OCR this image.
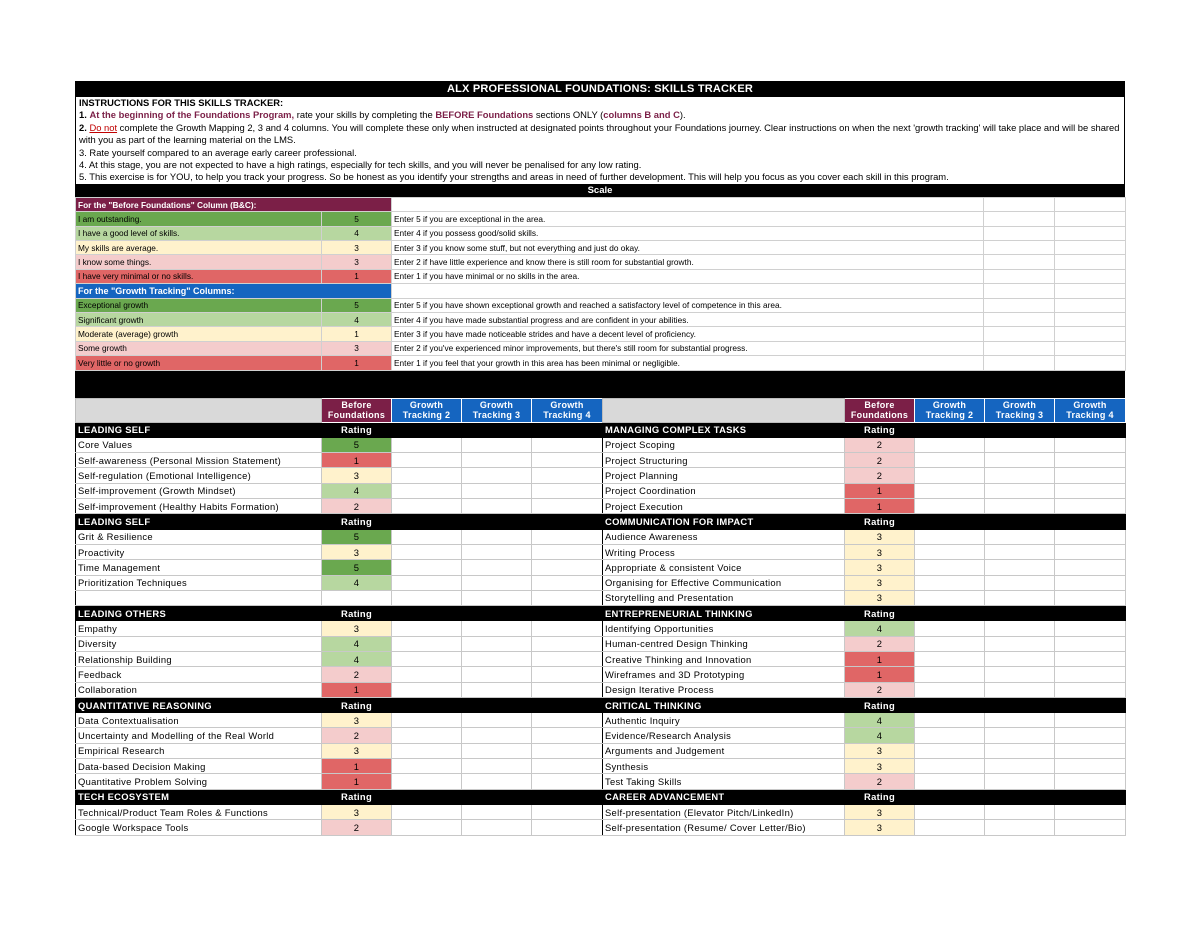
ALX PROFESSIONAL FOUNDATIONS: SKILLS TRACKER
INSTRUCTIONS FOR THIS SKILLS TRACKER:
1. At the beginning of the Foundations Program, rate your skills by completing the BEFORE Foundations sections ONLY (columns B and C).
2. Do not complete the Growth Mapping 2, 3 and 4 columns. You will complete these only when instructed at designated points throughout your Foundations journey. Clear instructions on when the next 'growth tracking' will take place and will be shared with you as part of the learning material on the LMS.
3. Rate yourself compared to an average early career professional.
4. At this stage, you are not expected to have a high ratings, especially for tech skills, and you will never be penalised for any low rating.
5. This exercise is for YOU, to help you track your progress. So be honest as you identify your strengths and areas in need of further development. This will help you focus as you cover each skill in this program.
Scale
For the "Before Foundations" Column (B&C):				
I am outstanding.	5	Enter 5 if you are exceptional in the area.		
I have a good level of skills.	4	Enter 4 if you possess good/solid skills.		
My skills are average.	3	Enter 3 if you know some stuff, but not everything and just do okay.		
I know some things.	3	Enter 2 if have little experience and know there is still room for substantial growth.		
I have very minimal or no skills.	1	Enter 1 if you have minimal or no skills in the area.		
For the "Growth Tracking" Columns:				
Exceptional growth	5	Enter 5 if you have shown exceptional growth and reached a satisfactory level of competence in this area.		
Significant growth	4	Enter 4 if you have made substantial progress and are confident in your abilities.		
Moderate (average) growth	1	Enter 3 if you have made noticeable strides and have a decent level of proficiency.		
Some growth	3	Enter 2 if you've experienced minor improvements, but there's still room for substantial progress.		
Very little or no growth	1	Enter 1 if you feel that your growth in this area has been minimal or negligible.		
	Before Foundations	Growth Tracking 2	Growth Tracking 3	Growth Tracking 4
LEADING SELF	Rating			
Core Values	5			
Self-awareness (Personal Mission Statement)	1			
Self-regulation (Emotional Intelligence)	3			
Self-improvement (Growth Mindset)	4			
Self-improvement (Healthy Habits Formation)	2			
LEADING SELF	Rating			
Grit & Resilience	5			
Proactivity	3			
Time Management	5			
Prioritization Techniques	4			

LEADING OTHERS	Rating			
Empathy	3			
Diversity	4			
Relationship Building	4			
Feedback	2			
Collaboration	1			
QUANTITATIVE REASONING	Rating			
Data Contextualisation	3			
Uncertainty and Modelling of the Real World	2			
Empirical Research	3			
Data-based Decision Making	1			
Quantitative Problem Solving	1			
TECH ECOSYSTEM	Rating			
Technical/Product Team Roles & Functions	3			
Google Workspace Tools	2			
	Before Foundations	Growth Tracking 2	Growth Tracking 3	Growth Tracking 4
MANAGING COMPLEX TASKS	Rating			
Project Scoping	2			
Project Structuring	2			
Project Planning	2			
Project Coordination	1			
Project Execution	1			
COMMUNICATION FOR IMPACT	Rating			
Audience Awareness	3			
Writing Process	3			
Appropriate & consistent Voice	3			
Organising for Effective Communication	3			
Storytelling and Presentation	3			
ENTREPRENEURIAL THINKING	Rating			
Identifying Opportunities	4			
Human-centred Design Thinking	2			
Creative Thinking and Innovation	1			
Wireframes and 3D Prototyping	1			
Design Iterative Process	2			
CRITICAL THINKING	Rating			
Authentic Inquiry	4			
Evidence/Research Analysis	4			
Arguments and Judgement	3			
Synthesis	3			
Test Taking Skills	2			
CAREER ADVANCEMENT	Rating			
Self-presentation (Elevator Pitch/LinkedIn)	3			
Self-presentation (Resume/ Cover Letter/Bio)	3			
